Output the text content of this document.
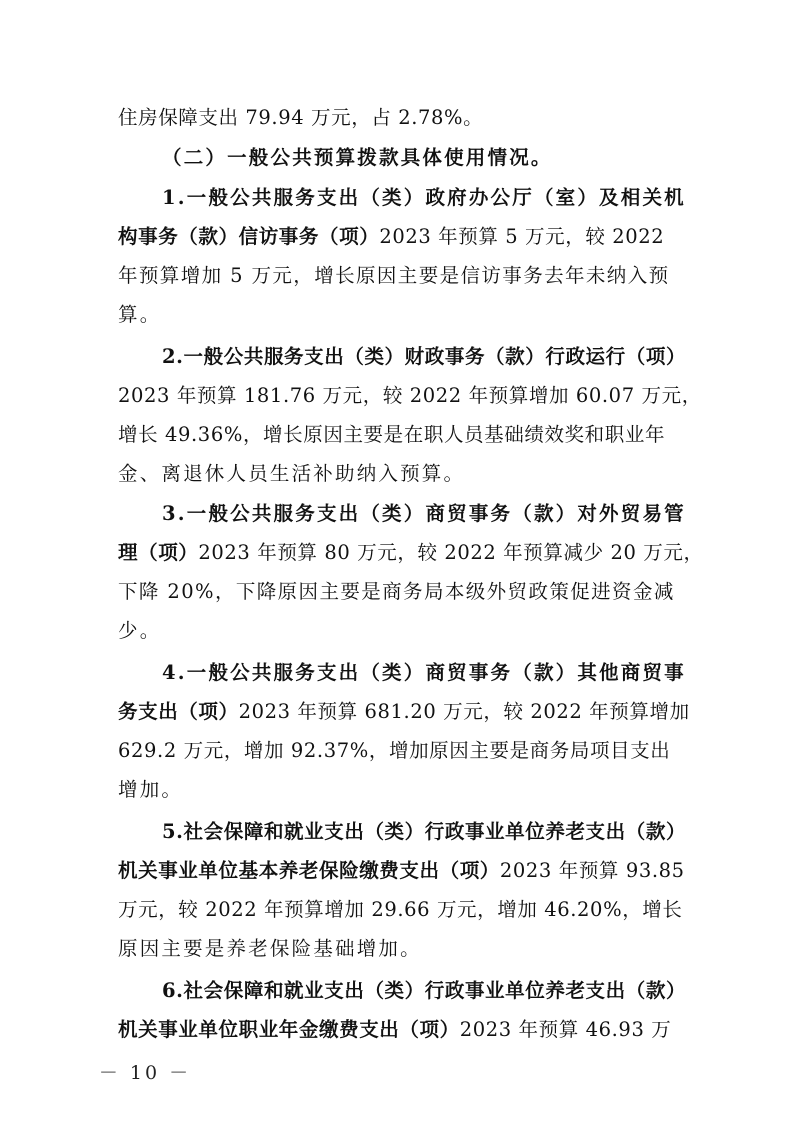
住房保障支出 79.94 万元，占 2.78%。
（二）一般公共预算拨款具体使用情况。
1.一般公共服务支出（类）政府办公厅（室）及相关机
构事务（款）信访事务（项）2023 年预算 5 万元，较 2022
年预算增加 5 万元，增长原因主要是信访事务去年未纳入预
算。
2.一般公共服务支出（类）财政事务（款）行政运行（项）
2023 年预算 181.76 万元，较 2022 年预算增加 60.07 万元，
增长 49.36%，增长原因主要是在职人员基础绩效奖和职业年
金、离退休人员生活补助纳入预算。
3.一般公共服务支出（类）商贸事务（款）对外贸易管
理（项）2023 年预算 80 万元，较 2022 年预算减少 20 万元，
下降 20%，下降原因主要是商务局本级外贸政策促进资金减
少。
4.一般公共服务支出（类）商贸事务（款）其他商贸事
务支出（项）2023 年预算 681.20 万元，较 2022 年预算增加
629.2 万元，增加 92.37%，增加原因主要是商务局项目支出
增加。
5.社会保障和就业支出（类）行政事业单位养老支出（款）
机关事业单位基本养老保险缴费支出（项）2023 年预算 93.85
万元，较 2022 年预算增加 29.66 万元，增加 46.20%，增长
原因主要是养老保险基础增加。
6.社会保障和就业支出（类）行政事业单位养老支出（款）
机关事业单位职业年金缴费支出（项）2023 年预算 46.93 万
－ 10 －
